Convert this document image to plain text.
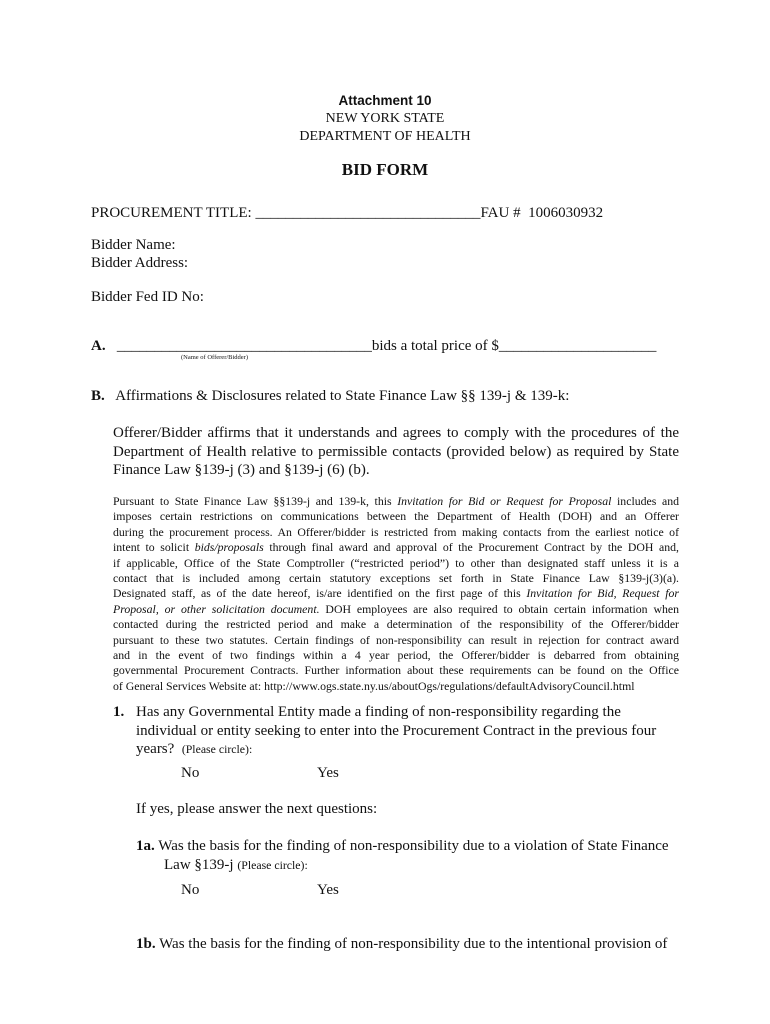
Attachment 10
NEW YORK STATE
DEPARTMENT OF HEALTH
BID FORM
PROCUREMENT TITLE: ______________________________FAU # 1006030932
Bidder Name:
Bidder Address:
Bidder Fed ID No:
A. __________________________________bids a total price of $_____________________
(Name of Offerer/Bidder)
B. Affirmations & Disclosures related to State Finance Law §§ 139-j & 139-k:
Offerer/Bidder affirms that it understands and agrees to comply with the procedures of the
Department of Health relative to permissible contacts (provided below) as required by State
Finance Law §139-j (3) and §139-j (6) (b).
Pursuant to State Finance Law §§139-j and 139-k, this Invitation for Bid or Request for Proposal includes and
imposes certain restrictions on communications between the Department of Health (DOH) and an Offerer
during the procurement process. An Offerer/bidder is restricted from making contacts from the earliest notice of
intent to solicit bids/proposals through final award and approval of the Procurement Contract by the DOH and,
if applicable, Office of the State Comptroller (“restricted period”) to other than designated staff unless it is a
contact that is included among certain statutory exceptions set forth in State Finance Law §139-j(3)(a).
Designated staff, as of the date hereof, is/are identified on the first page of this Invitation for Bid, Request for
Proposal, or other solicitation document. DOH employees are also required to obtain certain information when
contacted during the restricted period and make a determination of the responsibility of the Offerer/bidder
pursuant to these two statutes. Certain findings of non-responsibility can result in rejection for contract award
and in the event of two findings within a 4 year period, the Offerer/bidder is debarred from obtaining
governmental Procurement Contracts. Further information about these requirements can be found on the Office
of General Services Website at: http://www.ogs.state.ny.us/aboutOgs/regulations/defaultAdvisoryCouncil.html
1. Has any Governmental Entity made a finding of non-responsibility regarding the
individual or entity seeking to enter into the Procurement Contract in the previous four
years? (Please circle):
No	Yes
If yes, please answer the next questions:
1a. Was the basis for the finding of non-responsibility due to a violation of State Finance
Law §139-j (Please circle):
No	Yes
1b. Was the basis for the finding of non-responsibility due to the intentional provision of
